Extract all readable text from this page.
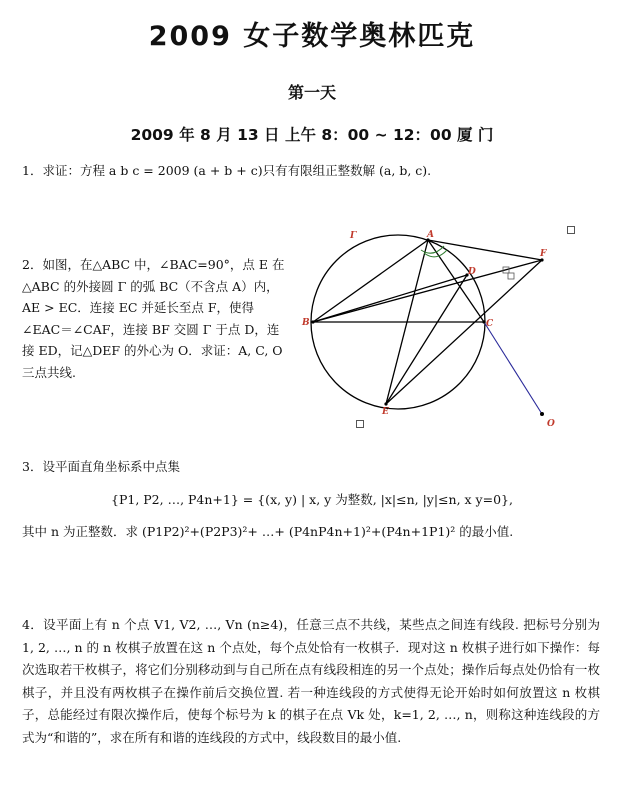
2009 女子数学奥林匹克
第一天
2009 年 8 月 13 日 上午 8：00 ~ 12：00 厦 门
1．求证：方程 a b c = 2009 (a + b + c)只有有限组正整数解 (a, b, c).
2．如图，在△ABC 中，∠BAC=90°，点 E 在△ABC 的外接圆 Γ 的弧 BC（不含点 A）内，AE > EC．连接 EC 并延长至点 F，使得∠EAC＝∠CAF，连接 BF 交圆 Γ 于点 D，连接 ED，记△DEF 的外心为 O．求证：A, C, O 三点共线.
Γ	A
B	C
D
E
F
O
3．设平面直角坐标系中点集
{P1, P2, …, P4n+1} = {(x, y) | x, y 为整数, |x|≤n, |y|≤n, x y=0},
其中 n 为正整数．求 (P1P2)²+(P2P3)²+ …+ (P4nP4n+1)²+(P4n+1P1)² 的最小值.
4．设平面上有 n 个点 V1, V2, …, Vn (n≥4)，任意三点不共线，某些点之间连有线段. 把标号分别为 1, 2, …, n 的 n 枚棋子放置在这 n 个点处，每个点处恰有一枚棋子．现对这 n 枚棋子进行如下操作：每次选取若干枚棋子，将它们分别移动到与自己所在点有线段相连的另一个点处；操作后每点处仍恰有一枚棋子，并且没有两枚棋子在操作前后交换位置. 若一种连线段的方式使得无论开始时如何放置这 n 枚棋子，总能经过有限次操作后，使每个标号为 k 的棋子在点 Vk 处，k=1, 2, …, n，则称这种连线段的方式为“和谐的”，求在所有和谐的连线段的方式中，线段数目的最小值.
